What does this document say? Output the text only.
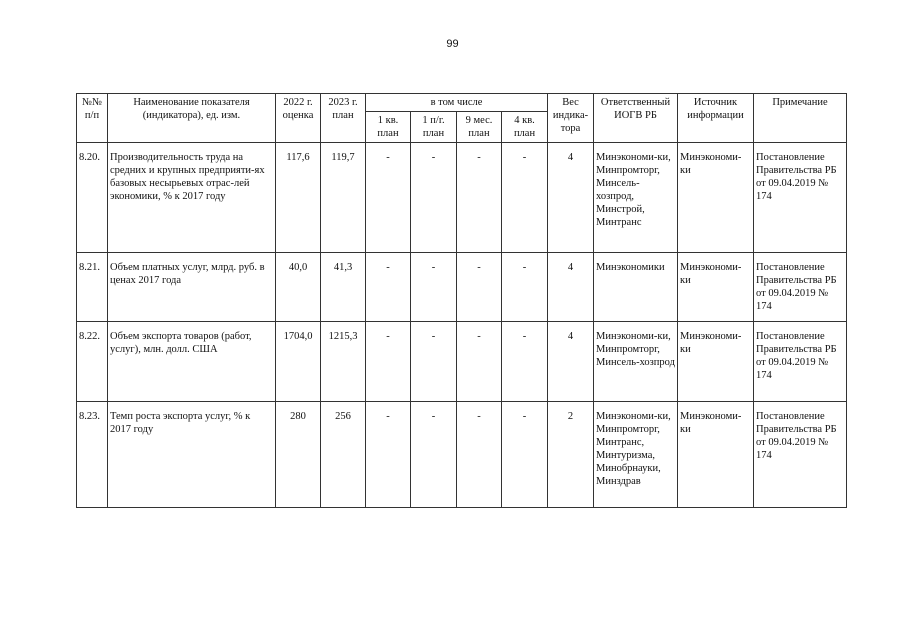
99
№№ п/п	Наименование показателя (индикатора), ед. изм.	2022 г. оценка	2023 г. план	в том числе				Вес индика-тора	Ответственный ИОГВ РБ	Источник информации	Примечание
				1 кв. план	1 п/г. план	9 мес. план	4 кв. план				
8.20.	Производительность труда на средних и крупных предприяти-ях базовых несырьевых отрас-лей экономики, % к 2017 году	117,6	119,7	-	-	-	-	4	Минэкономи-ки, Минпромторг, Минсель-хозпрод, Минстрой, Минтранс	Минэкономи-ки	Постановление Правительства РБ от 09.04.2019 № 174
8.21.	Объем платных услуг, млрд. руб. в ценах 2017 года	40,0	41,3	-	-	-	-	4	Минэкономики	Минэкономи-ки	Постановление Правительства РБ от 09.04.2019 № 174
8.22.	Объем экспорта товаров (работ, услуг), млн. долл. США	1704,0	1215,3	-	-	-	-	4	Минэкономи-ки, Минпромторг, Минсель-хозпрод	Минэкономи-ки	Постановление Правительства РБ от 09.04.2019 № 174
8.23.	Темп роста экспорта услуг, % к 2017 году	280	256	-	-	-	-	2	Минэкономи-ки, Минпромторг, Минтранс, Минтуризма, Минобрнауки, Минздрав	Минэкономи-ки	Постановление Правительства РБ от 09.04.2019 № 174
